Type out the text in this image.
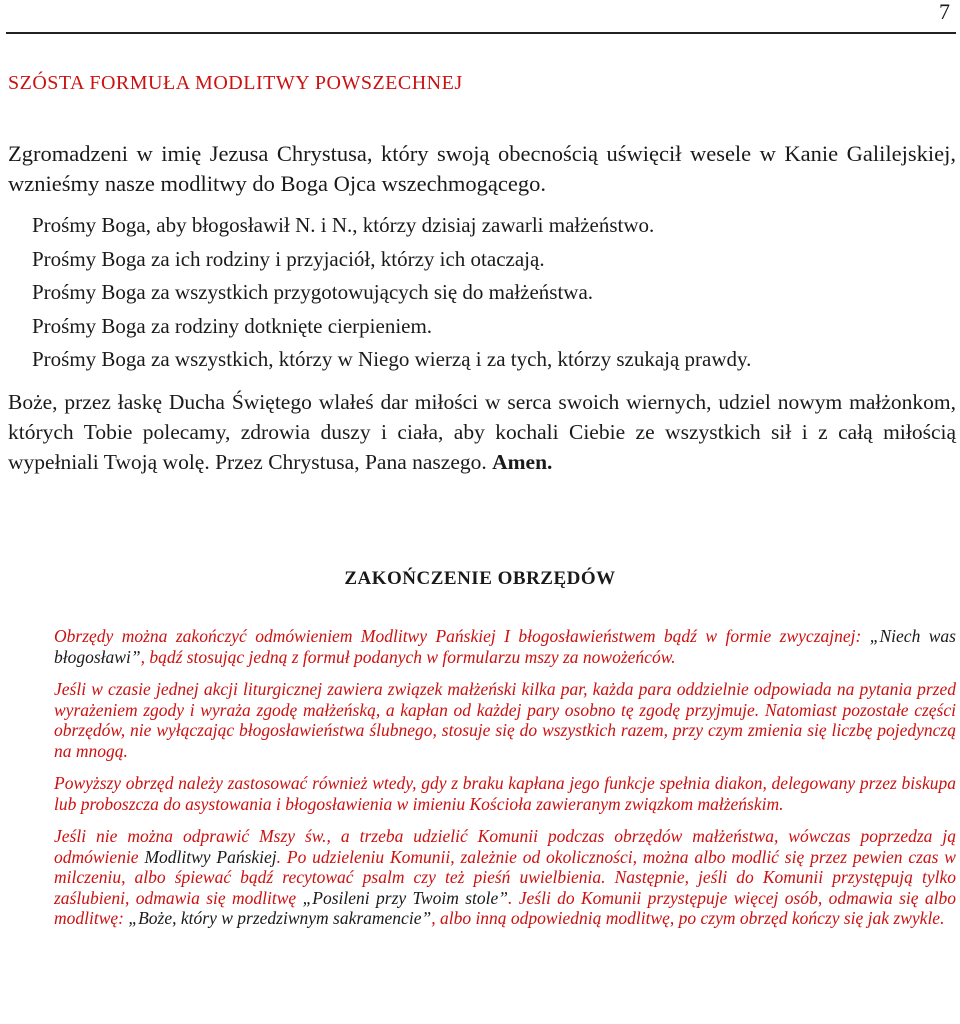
7
SZÓSTA FORMUŁA MODLITWY POWSZECHNEJ
Zgromadzeni w imię Jezusa Chrystusa, który swoją obecnością uświęcił wesele w Kanie Galilejskiej, wznieśmy nasze modlitwy do Boga Ojca wszechmogącego.
Prośmy Boga, aby błogosławił N. i N., którzy dzisiaj zawarli małżeństwo.
Prośmy Boga za ich rodziny i przyjaciół, którzy ich otaczają.
Prośmy Boga za wszystkich przygotowujących się do małżeństwa.
Prośmy Boga za rodziny dotknięte cierpieniem.
Prośmy Boga za wszystkich, którzy w Niego wierzą i za tych, którzy szukają prawdy.
Boże, przez łaskę Ducha Świętego wlałeś dar miłości w serca swoich wiernych, udziel nowym małżonkom, których Tobie polecamy, zdrowia duszy i ciała, aby kochali Ciebie ze wszystkich sił i z całą miłością wypełniali Twoją wolę. Przez Chrystusa, Pana naszego. Amen.
ZAKOŃCZENIE OBRZĘDÓW

Obrzędy można zakończyć odmówieniem Modlitwy Pańskiej I błogosławieństwem bądź w formie zwyczajnej: „Niech was błogosławi”, bądź stosując jedną z formuł podanych w formularzu mszy za nowożeńców.

Jeśli w czasie jednej akcji liturgicznej zawiera związek małżeński kilka par, każda para oddzielnie odpowiada na pytania przed wyrażeniem zgody i wyraża zgodę małżeńską, a kapłan od każdej pary osobno tę zgodę przyjmuje. Natomiast pozostałe części obrzędów, nie wyłączając błogosławieństwa ślubnego, stosuje się do wszystkich razem, przy czym zmienia się liczbę pojedynczą na mnogą.

Powyższy obrzęd należy zastosować również wtedy, gdy z braku kapłana jego funkcje spełnia diakon, delegowany przez biskupa lub proboszcza do asystowania i błogosławienia w imieniu Kościoła zawieranym związkom małżeńskim.

Jeśli nie można odprawić Mszy św., a trzeba udzielić Komunii podczas obrzędów małżeństwa, wówczas poprzedza ją odmówienie Modlitwy Pańskiej. Po udzieleniu Komunii, zależnie od okoliczności, można albo modlić się przez pewien czas w milczeniu, albo śpiewać bądź recytować psalm czy też pieśń uwielbienia. Następnie, jeśli do Komunii przystępują tylko zaślubieni, odmawia się modlitwę „Posileni przy Twoim stole”. Jeśli do Komunii przystępuje więcej osób, odmawia się albo modlitwę: „Boże, który w przedziwnym sakramencie”, albo inną odpowiednią modlitwę, po czym obrzęd kończy się jak zwykle.
